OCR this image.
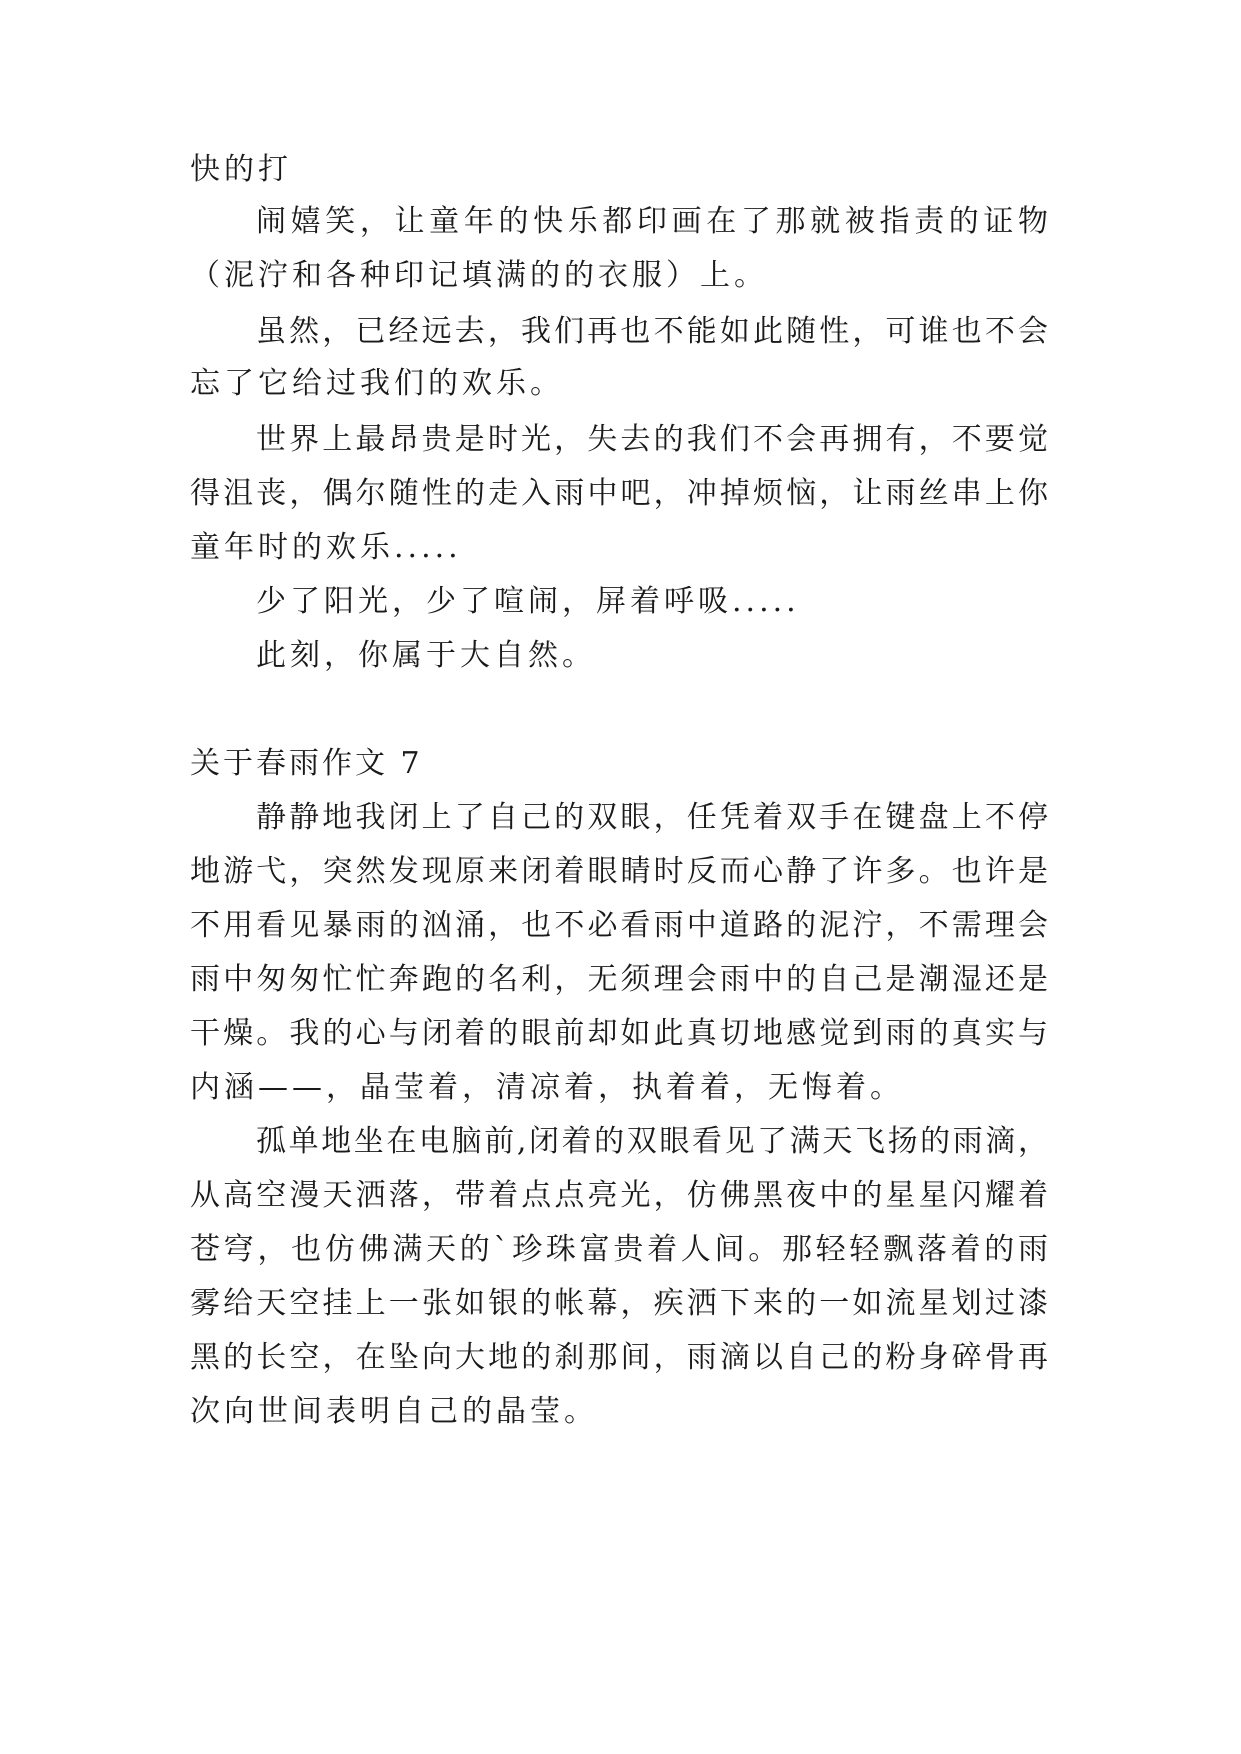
快的打
闹嬉笑，让童年的快乐都印画在了那就被指责的证物
（泥泞和各种印记填满的的衣服）上。
虽然，已经远去，我们再也不能如此随性，可谁也不会
忘了它给过我们的欢乐。
世界上最昂贵是时光，失去的我们不会再拥有，不要觉
得沮丧，偶尔随性的走入雨中吧，冲掉烦恼，让雨丝串上你
童年时的欢乐.....
少了阳光，少了喧闹，屏着呼吸.....
此刻，你属于大自然。
关于春雨作文 7
静静地我闭上了自己的双眼，任凭着双手在键盘上不停
地游弋，突然发现原来闭着眼睛时反而心静了许多。也许是
不用看见暴雨的汹涌，也不必看雨中道路的泥泞，不需理会
雨中匆匆忙忙奔跑的名利，无须理会雨中的自己是潮湿还是
干燥。我的心与闭着的眼前却如此真切地感觉到雨的真实与
内涵——，晶莹着，清凉着，执着着，无悔着。
孤单地坐在电脑前,闭着的双眼看见了满天飞扬的雨滴，
从高空漫天洒落，带着点点亮光，仿佛黑夜中的星星闪耀着
苍穹，也仿佛满天的`珍珠富贵着人间。那轻轻飘落着的雨
雾给天空挂上一张如银的帐幕，疾洒下来的一如流星划过漆
黑的长空，在坠向大地的刹那间，雨滴以自己的粉身碎骨再
次向世间表明自己的晶莹。
